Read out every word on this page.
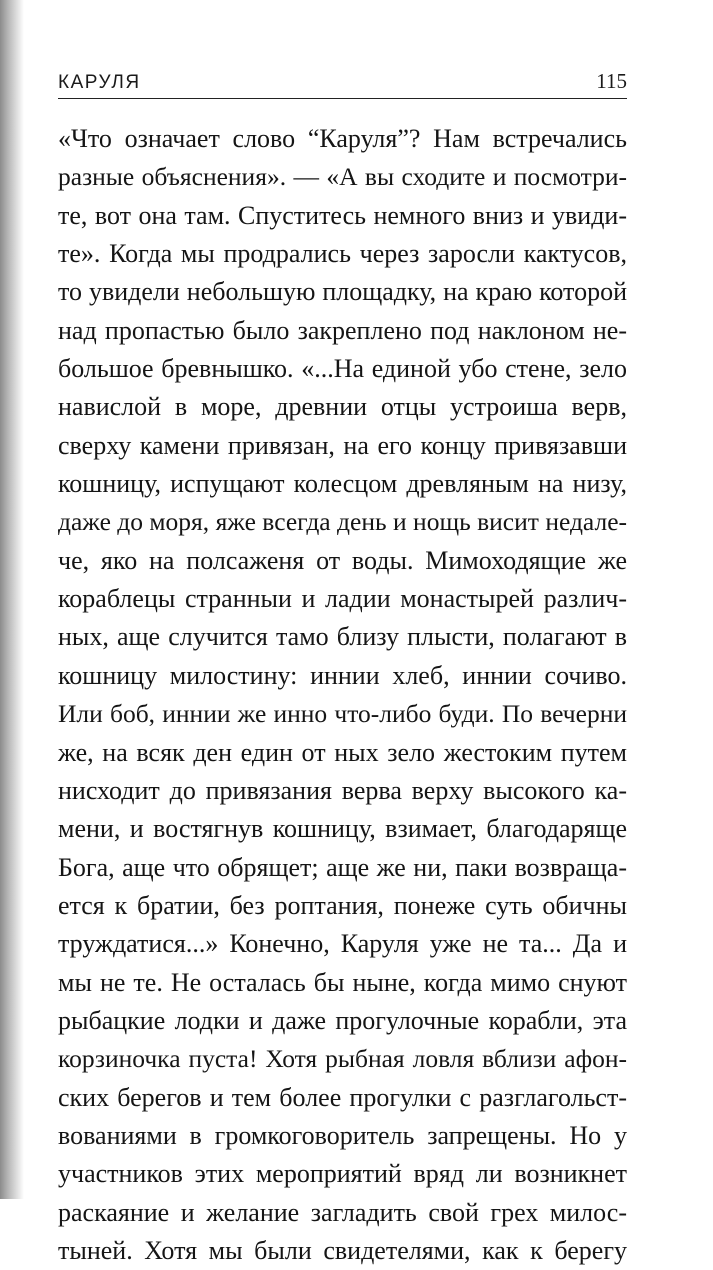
КАРУЛЯ	115
«Что означает слово “Каруля”? Нам встречались
разные объяснения». — «А вы сходите и посмотри-
те, вот она там. Спуститесь немного вниз и увиди-
те». Когда мы продрались через заросли кактусов,
то увидели небольшую площадку, на краю которой
над пропастью было закреплено под наклоном не-
большое бревнышко. «...На единой убо стене, зело
навислой в море, древнии отцы устроиша верв,
сверху камени привязан, на его концу привязавши
кошницу, испущают колесцом древляным на низу,
даже до моря, яже всегда день и нощь висит недале-
че, яко на полсаженя от воды. Мимоходящие же
кораблецы странныи и ладии монастырей различ-
ных, аще случится тамо близу плысти, полагают в
кошницу милостину: иннии хлеб, иннии сочиво.
Или боб, иннии же инно что-либо буди. По вечерни
же, на всяк ден един от ных зело жестоким путем
нисходит до привязания верва верху высокого ка-
мени, и востягнув кошницу, взимает, благодаряще
Бога, аще что обрящет; аще же ни, паки возвраща-
ется к братии, без роптания, понеже суть обичны
труждатися...» Конечно, Каруля уже не та... Да и
мы не те. Не осталась бы ныне, когда мимо снуют
рыбацкие лодки и даже прогулочные корабли, эта
корзиночка пуста! Хотя рыбная ловля вблизи афон-
ских берегов и тем более прогулки с разглагольст-
вованиями в громкоговоритель запрещены. Но у
участников этих мероприятий вряд ли возникнет
раскаяние и желание загладить свой грех милос-
тыней. Хотя мы были свидетелями, как к берегу
